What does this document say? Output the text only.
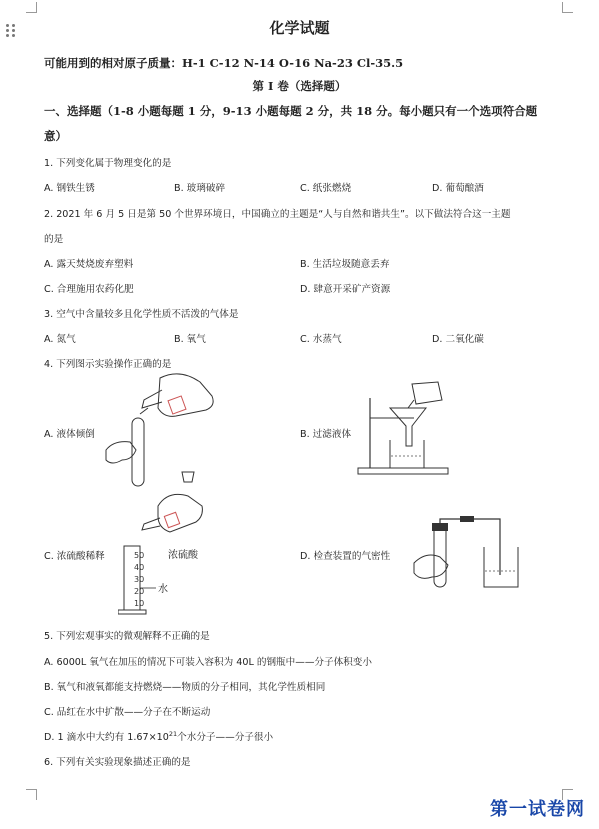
化学试题
可能用到的相对原子质量：H-1 C-12 N-14 O-16 Na-23 Cl-35.5
第 I 卷（选择题）
一、选择题（1-8 小题每题 1 分，9-13 小题每题 2 分，共 18 分。每小题只有一个选项符合题
意）
1. 下列变化属于物理变化的是
A. 钢铁生锈	B. 玻璃破碎	C. 纸张燃烧	D. 葡萄酿酒
2. 2021 年 6 月 5 日是第 50 个世界环境日，中国确立的主题是“人与自然和谐共生”。以下做法符合这一主题
的是
A. 露天焚烧废弃塑料	B. 生活垃圾随意丢弃
C. 合理施用农药化肥	D. 肆意开采矿产资源
3. 空气中含量较多且化学性质不活泼的气体是
A. 氮气	B. 氧气	C. 水蒸气	D. 二氧化碳
4. 下列图示实验操作正确的是
A. 液体倾倒	B. 过滤液体
C. 浓硫酸稀释	D. 检查装置的气密性
50
40
30
20
10
浓硫酸
水
5. 下列宏观事实的微观解释不正确的是
A. 6000L 氧气在加压的情况下可装入容积为 40L 的钢瓶中——分子体积变小
B. 氧气和液氧都能支持燃烧——物质的分子相同，其化学性质相同
C. 品红在水中扩散——分子在不断运动
D. 1 滴水中大约有 $1.67\times 10^{21}$个水分子——分子很小
6. 下列有关实验现象描述正确的是
第一试卷网
